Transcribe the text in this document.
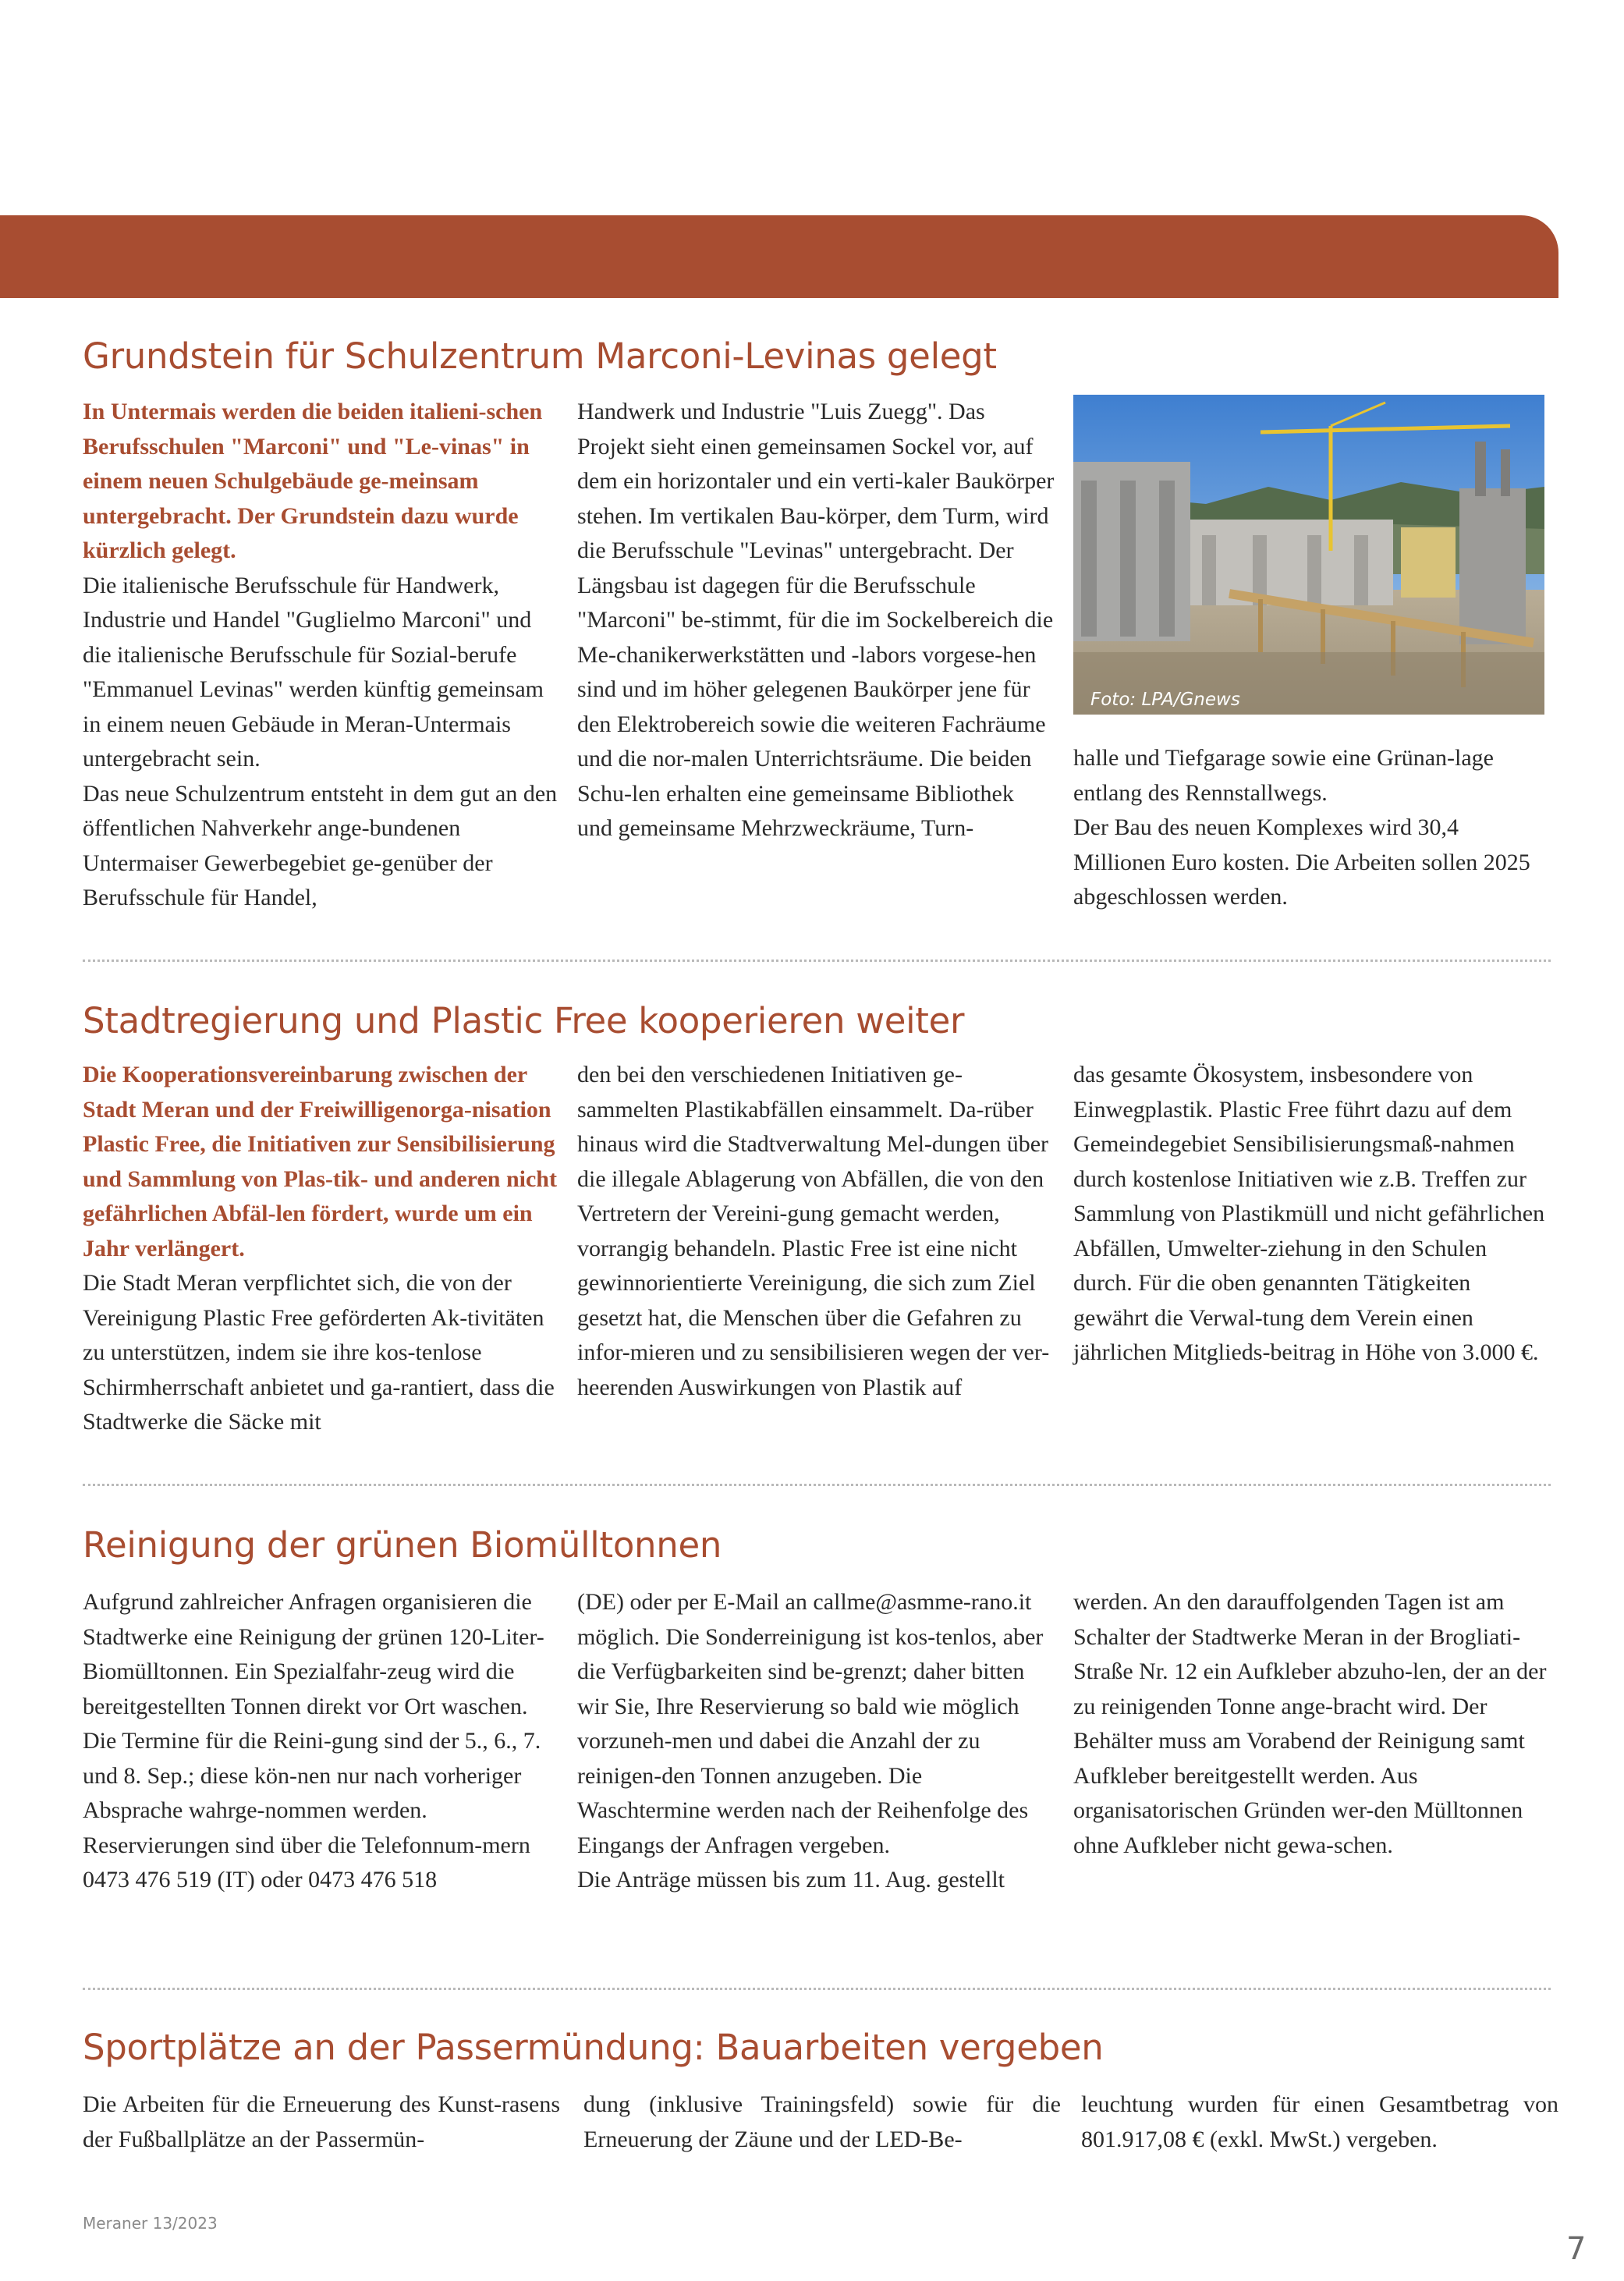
Grundstein für Schulzentrum Marconi-Levinas gelegt

In Untermais werden die beiden italieni-schen Berufsschulen "Marconi" und "Le-vinas" in einem neuen Schulgebäude ge-meinsam untergebracht. Der Grundstein dazu wurde kürzlich gelegt.

Die italienische Berufsschule für Handwerk, Industrie und Handel "Guglielmo Marconi" und die italienische Berufsschule für Sozial-berufe "Emmanuel Levinas" werden künftig gemeinsam in einem neuen Gebäude in Meran-Untermais untergebracht sein.

Das neue Schulzentrum entsteht in dem gut an den öffentlichen Nahverkehr ange-bundenen Untermaiser Gewerbegebiet ge-genüber der Berufsschule für Handel,

Handwerk und Industrie "Luis Zuegg". Das Projekt sieht einen gemeinsamen Sockel vor, auf dem ein horizontaler und ein verti-kaler Baukörper stehen. Im vertikalen Bau-körper, dem Turm, wird die Berufsschule "Levinas" untergebracht. Der Längsbau ist dagegen für die Berufsschule "Marconi" be-stimmt, für die im Sockelbereich die Me-chanikerwerkstätten und -labors vorgese-hen sind und im höher gelegenen Baukörper jene für den Elektrobereich sowie die weiteren Fachräume und die nor-malen Unterrichtsräume. Die beiden Schu-len erhalten eine gemeinsame Bibliothek und gemeinsame Mehrzweckräume, Turn-

Foto: LPA/Gnews

halle und Tiefgarage sowie eine Grünan-lage entlang des Rennstallwegs.

Der Bau des neuen Komplexes wird 30,4 Millionen Euro kosten. Die Arbeiten sollen 2025 abgeschlossen werden.

Stadtregierung und Plastic Free kooperieren weiter

Die Kooperationsvereinbarung zwischen der Stadt Meran und der Freiwilligenorga-nisation Plastic Free, die Initiativen zur Sensibilisierung und Sammlung von Plas-tik- und anderen nicht gefährlichen Abfäl-len fördert, wurde um ein Jahr verlängert.

Die Stadt Meran verpflichtet sich, die von der Vereinigung Plastic Free geförderten Ak-tivitäten zu unterstützen, indem sie ihre kos-tenlose Schirmherrschaft anbietet und ga-rantiert, dass die Stadtwerke die Säcke mit

den bei den verschiedenen Initiativen ge-sammelten Plastikabfällen einsammelt. Da-rüber hinaus wird die Stadtverwaltung Mel-dungen über die illegale Ablagerung von Abfällen, die von den Vertretern der Vereini-gung gemacht werden, vorrangig behandeln. Plastic Free ist eine nicht gewinnorientierte Vereinigung, die sich zum Ziel gesetzt hat, die Menschen über die Gefahren zu infor-mieren und zu sensibilisieren wegen der ver-heerenden Auswirkungen von Plastik auf

das gesamte Ökosystem, insbesondere von Einwegplastik. Plastic Free führt dazu auf dem Gemeindegebiet Sensibilisierungsmaß-nahmen durch kostenlose Initiativen wie z.B. Treffen zur Sammlung von Plastikmüll und nicht gefährlichen Abfällen, Umwelter-ziehung in den Schulen durch. Für die oben genannten Tätigkeiten gewährt die Verwal-tung dem Verein einen jährlichen Mitglieds-beitrag in Höhe von 3.000 €.

Reinigung der grünen Biomülltonnen

Aufgrund zahlreicher Anfragen organisieren die Stadtwerke eine Reinigung der grünen 120-Liter-Biomülltonnen. Ein Spezialfahr-zeug wird die bereitgestellten Tonnen direkt vor Ort waschen. Die Termine für die Reini-gung sind der 5., 6., 7. und 8. Sep.; diese kön-nen nur nach vorheriger Absprache wahrge-nommen werden.

Reservierungen sind über die Telefonnum-mern 0473 476 519 (IT) oder 0473 476 518

(DE) oder per E-Mail an callme@asmme-rano.it möglich. Die Sonderreinigung ist kos-tenlos, aber die Verfügbarkeiten sind be-grenzt; daher bitten wir Sie, Ihre Reservierung so bald wie möglich vorzuneh-men und dabei die Anzahl der zu reinigen-den Tonnen anzugeben. Die Waschtermine werden nach der Reihenfolge des Eingangs der Anfragen vergeben.

Die Anträge müssen bis zum 11. Aug. gestellt

werden. An den darauffolgenden Tagen ist am Schalter der Stadtwerke Meran in der Brogliati-Straße Nr. 12 ein Aufkleber abzuho-len, der an der zu reinigenden Tonne ange-bracht wird. Der Behälter muss am Vorabend der Reinigung samt Aufkleber bereitgestellt werden. Aus organisatorischen Gründen wer-den Mülltonnen ohne Aufkleber nicht gewa-schen.

Sportplätze an der Passermündung: Bauarbeiten vergeben

Die Arbeiten für die Erneuerung des Kunst-rasens der Fußballplätze an der Passermün-

dung (inklusive Trainingsfeld) sowie für die Erneuerung der Zäune und der LED-Be-

leuchtung wurden für einen Gesamtbetrag von 801.917,08 € (exkl. MwSt.) vergeben.

Meraner 13/2023
7
